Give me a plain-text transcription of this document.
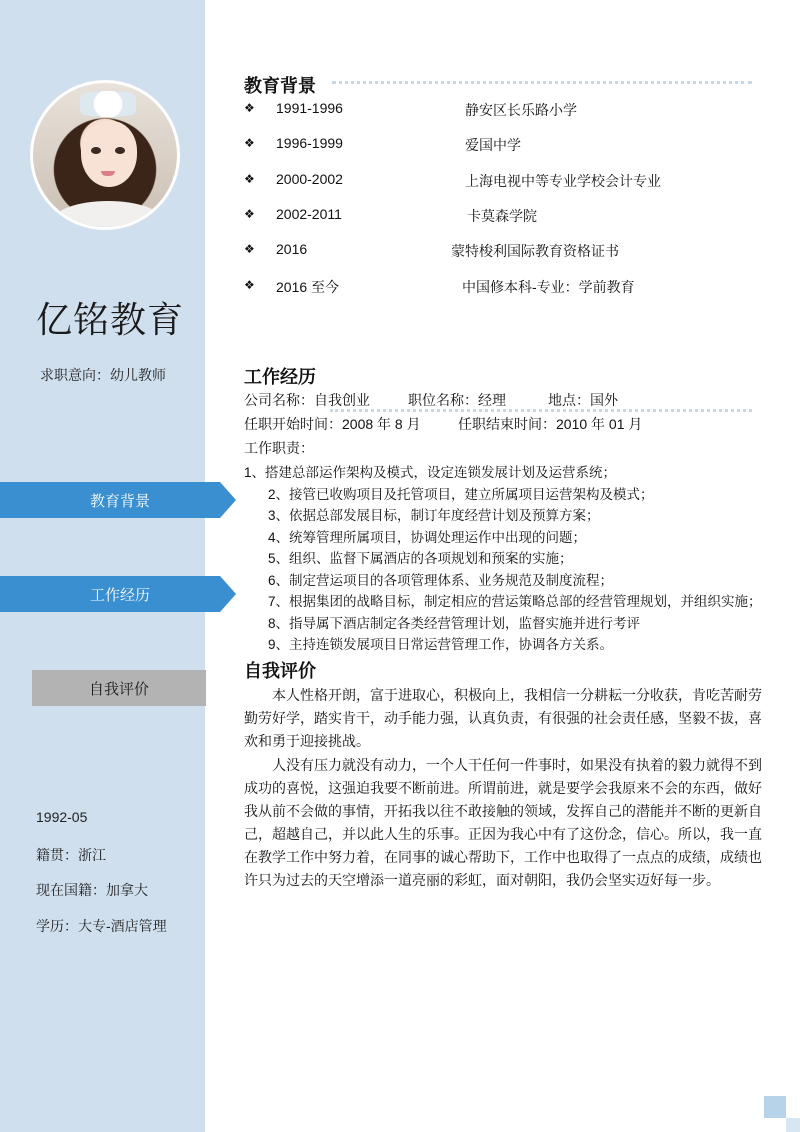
亿铭教育
求职意向：幼儿教师
教育背景
工作经历
自我评价
1992-05
籍贯：浙江
现在国籍：加拿大
学历：大专-酒店管理
教育背景
❖ 1991-1996	静安区长乐路小学
❖ 1996-1999	爱国中学
❖ 2000-2002	上海电视中等专业学校会计专业
❖ 2002-2011	卡莫森学院
❖ 2016	蒙特梭利国际教育资格证书
❖ 2016 至今	中国修本科-专业：学前教育
工作经历
公司名称：自我创业	职位名称：经理	地点：国外
任职开始时间：2008 年 8 月	任职结束时间：2010 年 01 月
工作职责：
1、搭建总部运作架构及模式，设定连锁发展计划及运营系统；
2、接管已收购项目及托管项目，建立所属项目运营架构及模式；
3、依据总部发展目标，制订年度经营计划及预算方案；
4、统筹管理所属项目，协调处理运作中出现的问题；
5、组织、监督下属酒店的各项规划和预案的实施；
6、制定营运项目的各项管理体系、业务规范及制度流程；
7、根据集团的战略目标，制定相应的营运策略总部的经营管理规划，并组织实施；
8、指导属下酒店制定各类经营管理计划，监督实施并进行考评
9、主持连锁发展项目日常运营管理工作，协调各方关系。
自我评价

本人性格开朗，富于进取心，积极向上，我相信一分耕耘一分收获，肯吃苦耐劳勤劳好学，踏实肯干，动手能力强，认真负责，有很强的社会责任感，坚毅不拔，喜欢和勇于迎接挑战。

人没有压力就没有动力，一个人干任何一件事时，如果没有执着的毅力就得不到成功的喜悦，这强迫我要不断前进。所谓前进，就是要学会我原来不会的东西，做好我从前不会做的事情，开拓我以往不敢接触的领域，发挥自己的潜能并不断的更新自己，超越自己，并以此人生的乐事。正因为我心中有了这份念，信心。所以，我一直在教学工作中努力着，在同事的诚心帮助下，工作中也取得了一点点的成绩，成绩也许只为过去的天空增添一道亮丽的彩虹，面对朝阳，我仍会坚实迈好每一步。
